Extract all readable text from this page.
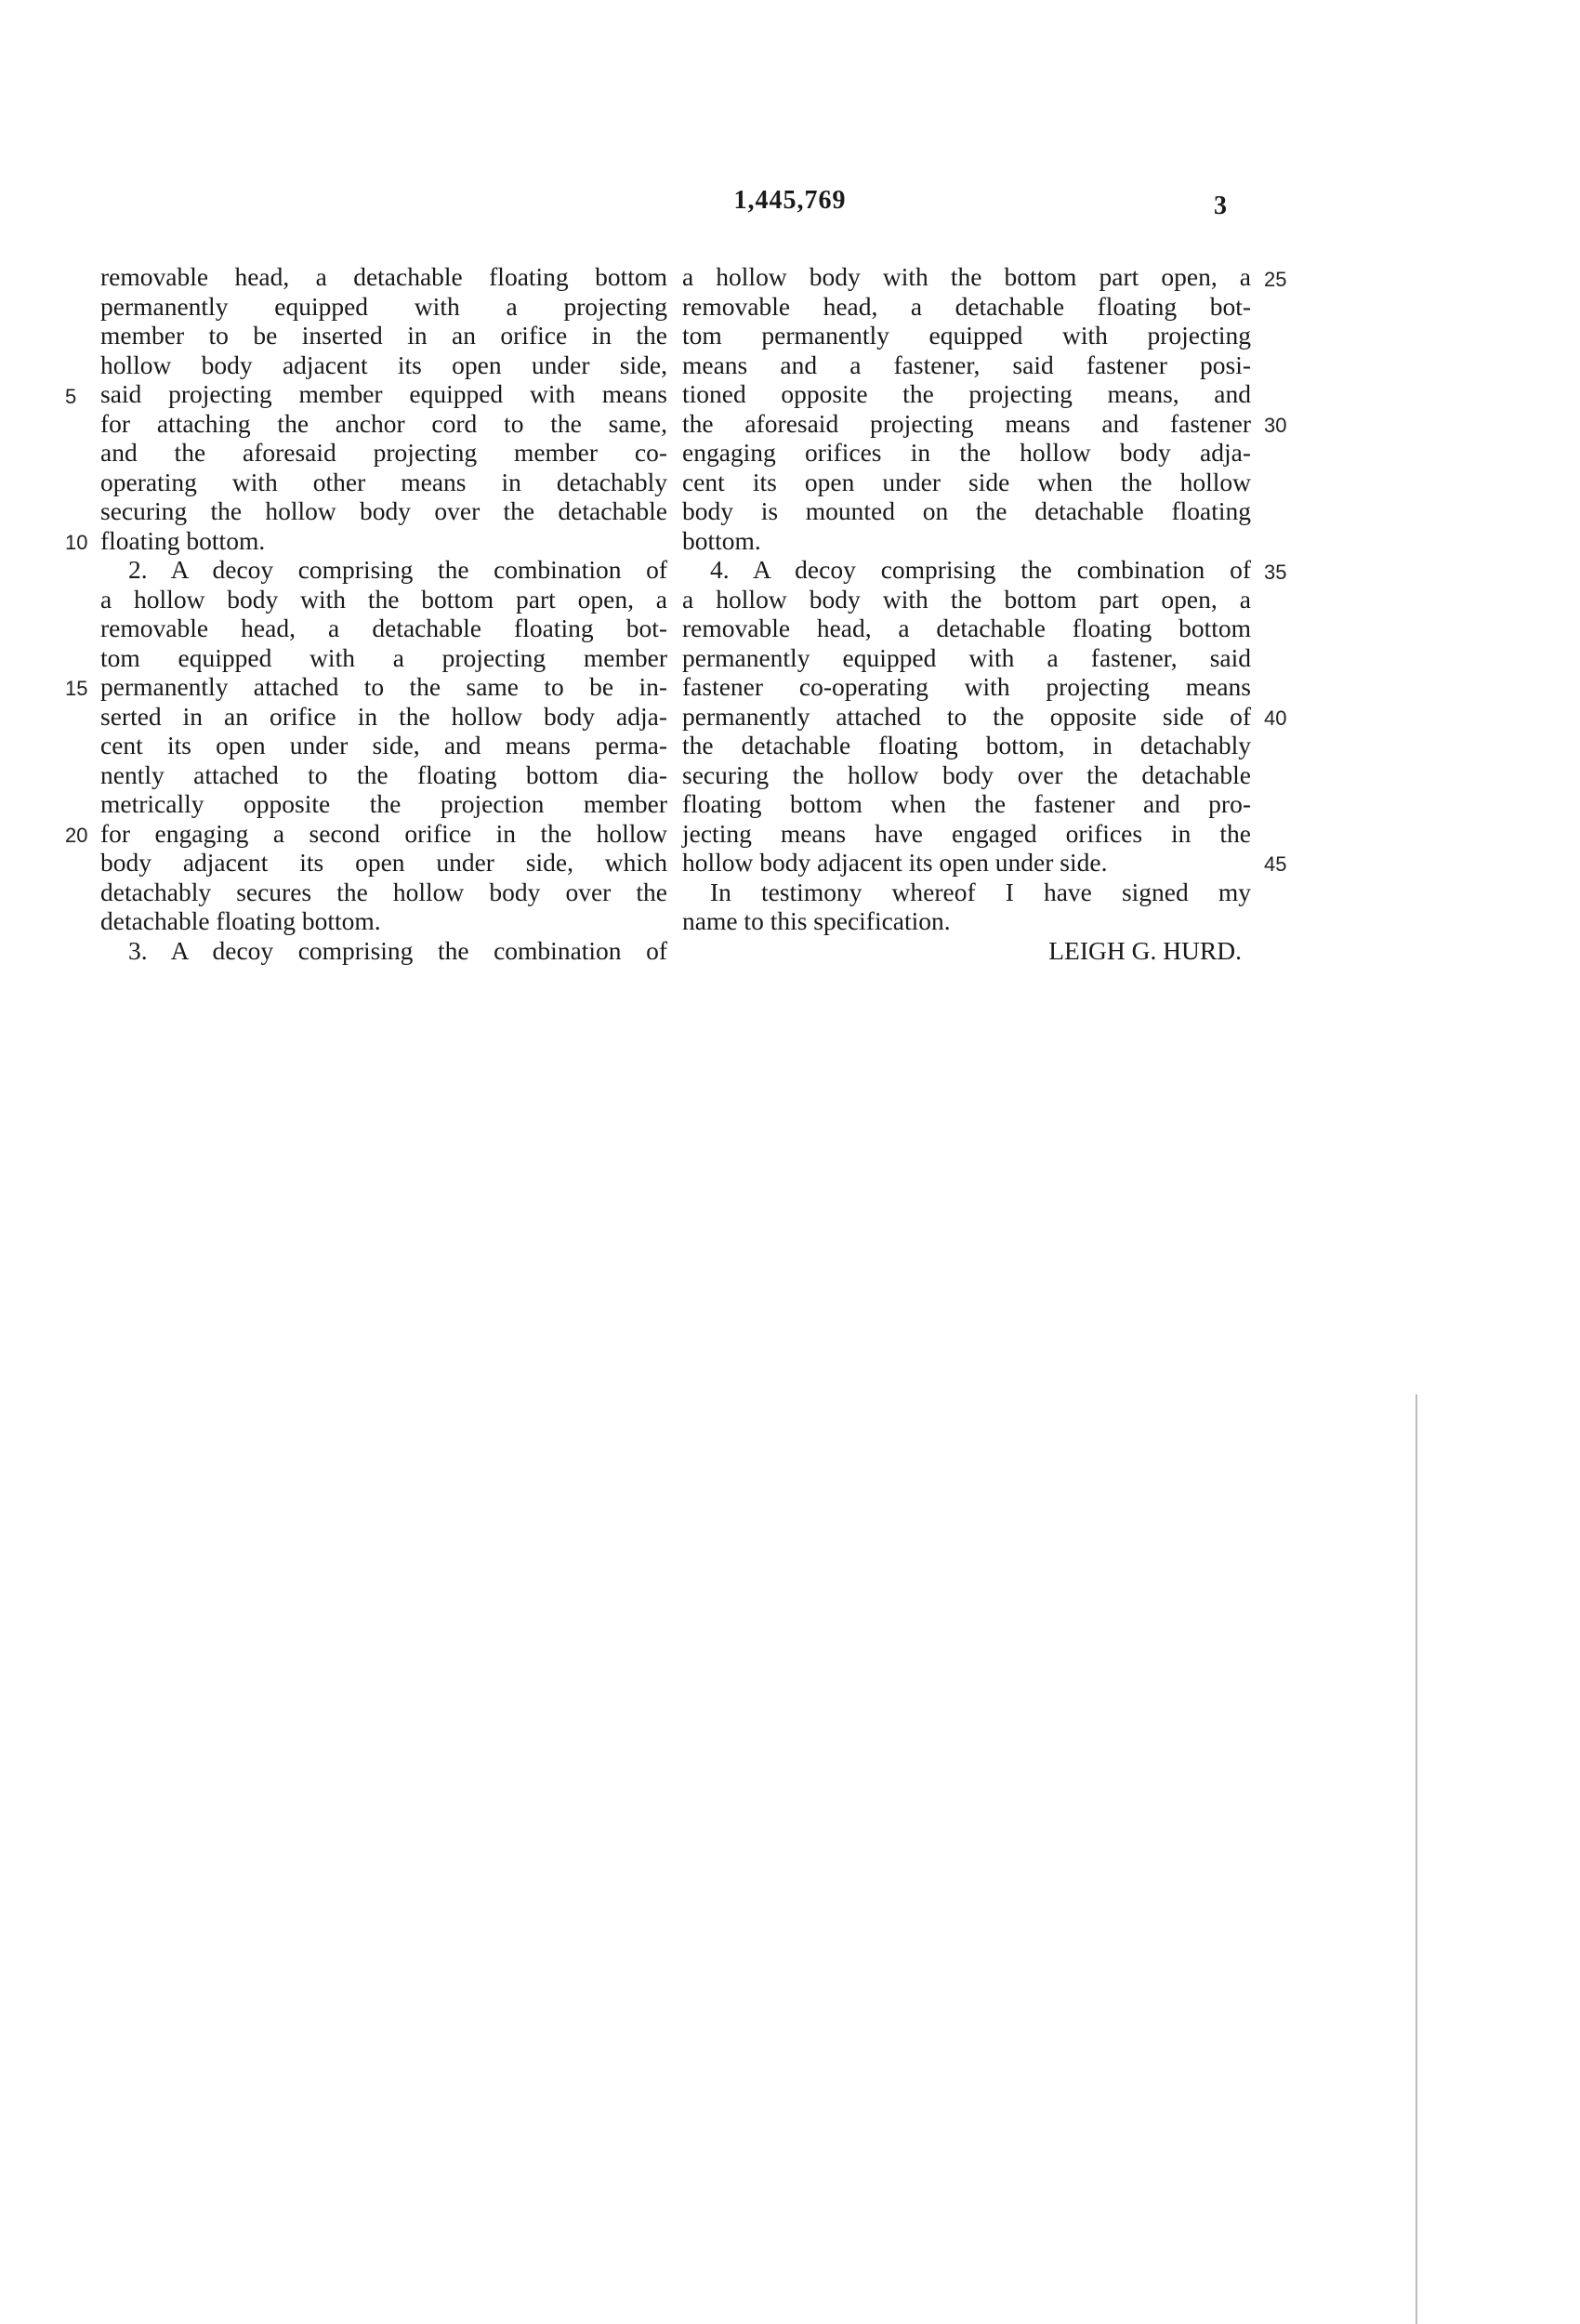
1,445,769	3
removable head, a detachable floating bottom
permanently equipped with a projecting
member to be inserted in an orifice in the
hollow body adjacent its open under side,
said projecting member equipped with means
for attaching the anchor cord to the same,
and the aforesaid projecting member co-
operating with other means in detachably
securing the hollow body over the detachable
floating bottom.
2. A decoy comprising the combination of
a hollow body with the bottom part open, a
removable head, a detachable floating bot-
tom equipped with a projecting member
permanently attached to the same to be in-
serted in an orifice in the hollow body adja-
cent its open under side, and means perma-
nently attached to the floating bottom dia-
metrically opposite the projection member
for engaging a second orifice in the hollow
body adjacent its open under side, which
detachably secures the hollow body over the
detachable floating bottom.
3. A decoy comprising the combination of
a hollow body with the bottom part open, a
removable head, a detachable floating bot-
tom permanently equipped with projecting
means and a fastener, said fastener posi-
tioned opposite the projecting means, and
the aforesaid projecting means and fastener
engaging orifices in the hollow body adja-
cent its open under side when the hollow
body is mounted on the detachable floating
bottom.
4. A decoy comprising the combination of
a hollow body with the bottom part open, a
removable head, a detachable floating bottom
permanently equipped with a fastener, said
fastener co-operating with projecting means
permanently attached to the opposite side of
the detachable floating bottom, in detachably
securing the hollow body over the detachable
floating bottom when the fastener and pro-
jecting means have engaged orifices in the
hollow body adjacent its open under side.
In testimony whereof I have signed my
name to this specification.
LEIGH G. HURD.
5
10
15
20
25
30
35
40
45
